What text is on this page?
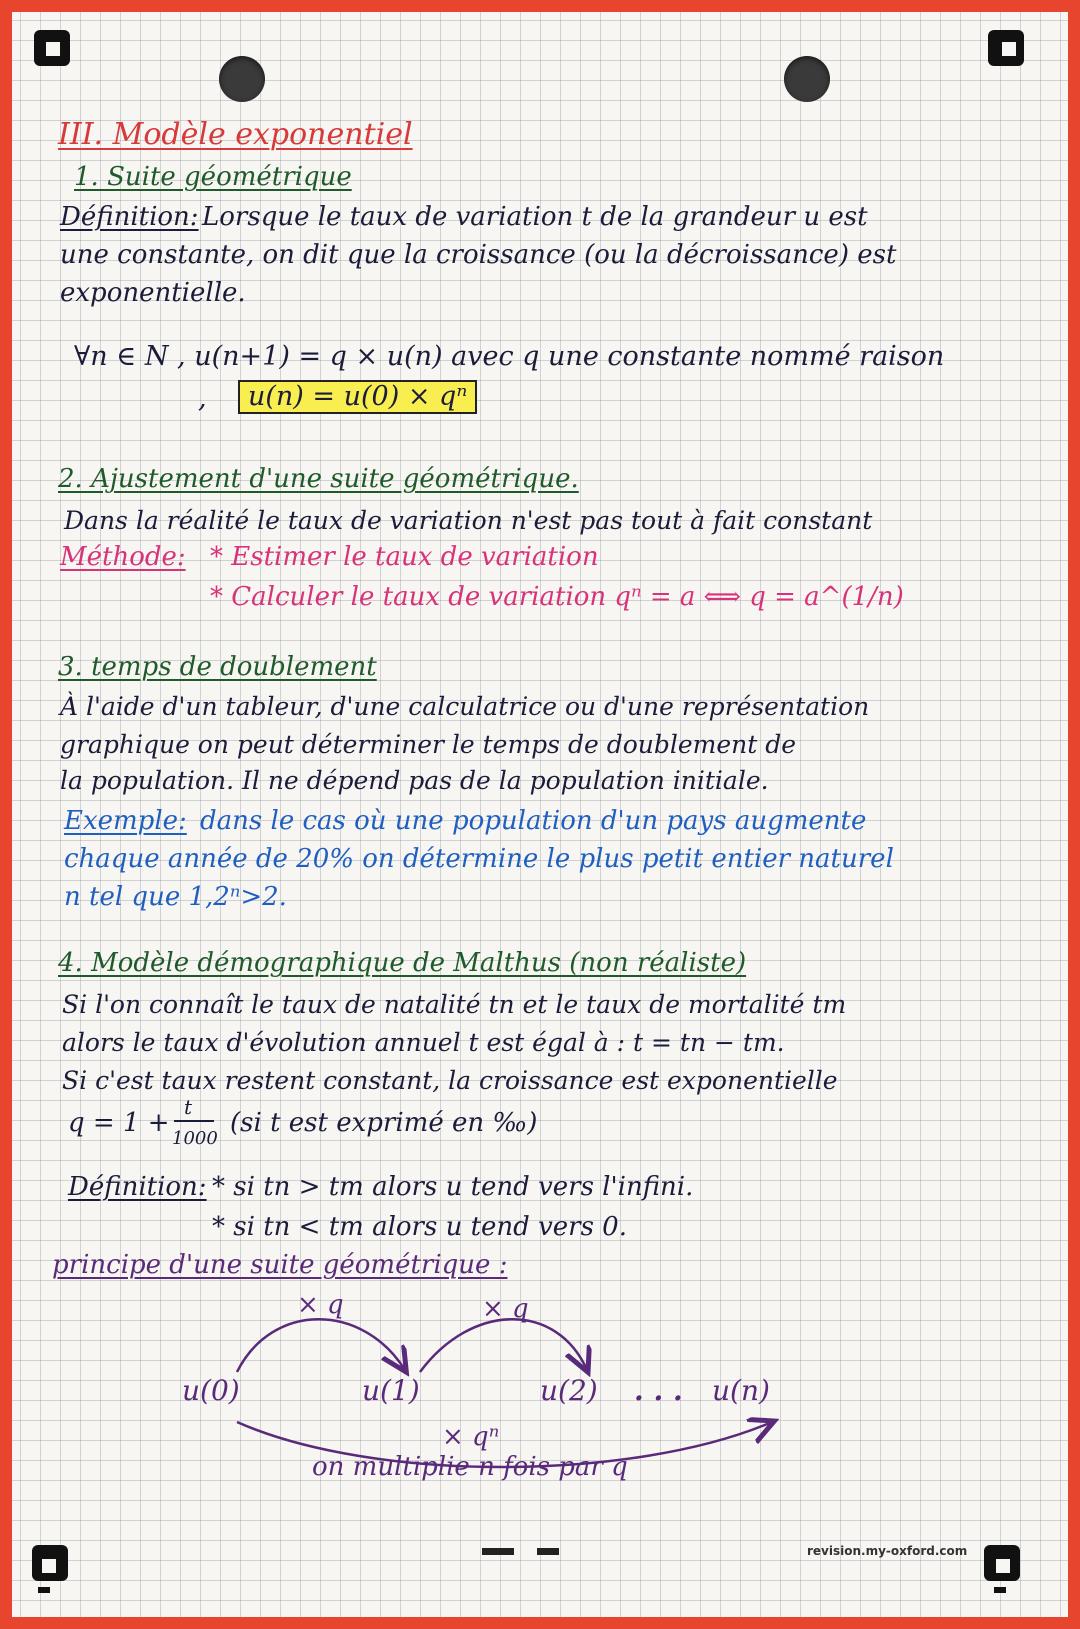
III. Modèle exponentiel
1. Suite géométrique
Définition: Lorsque le taux de variation t de la grandeur u est
une constante, on dit que la croissance (ou la décroissance) est
exponentielle.
∀n ∈ N , u(n+1) = q × u(n) avec q une constante nommé raison
,	u(n) = u(0) × qⁿ
2. Ajustement d'une suite géométrique.
Dans la réalité le taux de variation n'est pas tout à fait constant
Méthode: * Estimer le taux de variation
* Calculer le taux de variation qⁿ = a ⟺ q = a^(1/n)
3. temps de doublement
À l'aide d'un tableur, d'une calculatrice ou d'une représentation
graphique on peut déterminer le temps de doublement de
la population. Il ne dépend pas de la population initiale.
Exemple: dans le cas où une population d'un pays augmente
chaque année de 20% on détermine le plus petit entier naturel
n tel que 1,2ⁿ>2.
4. Modèle démographique de Malthus (non réaliste)
Si l'on connaît le taux de natalité tn et le taux de mortalité tm
alors le taux d'évolution annuel t est égal à : t = tn − tm.
Si c'est taux restent constant, la croissance est exponentielle
q = 1 +
t
1000
(si t est exprimé en ‰)
Définition: * si tn > tm alors u tend vers l'infini.
* si tn < tm alors u tend vers 0.
principe d'une suite géométrique :
× q	× q
u(0)	u(1)	u(2) . . . u(n)
× qⁿ
on multiplie n fois par q
revision.my-oxford.com
